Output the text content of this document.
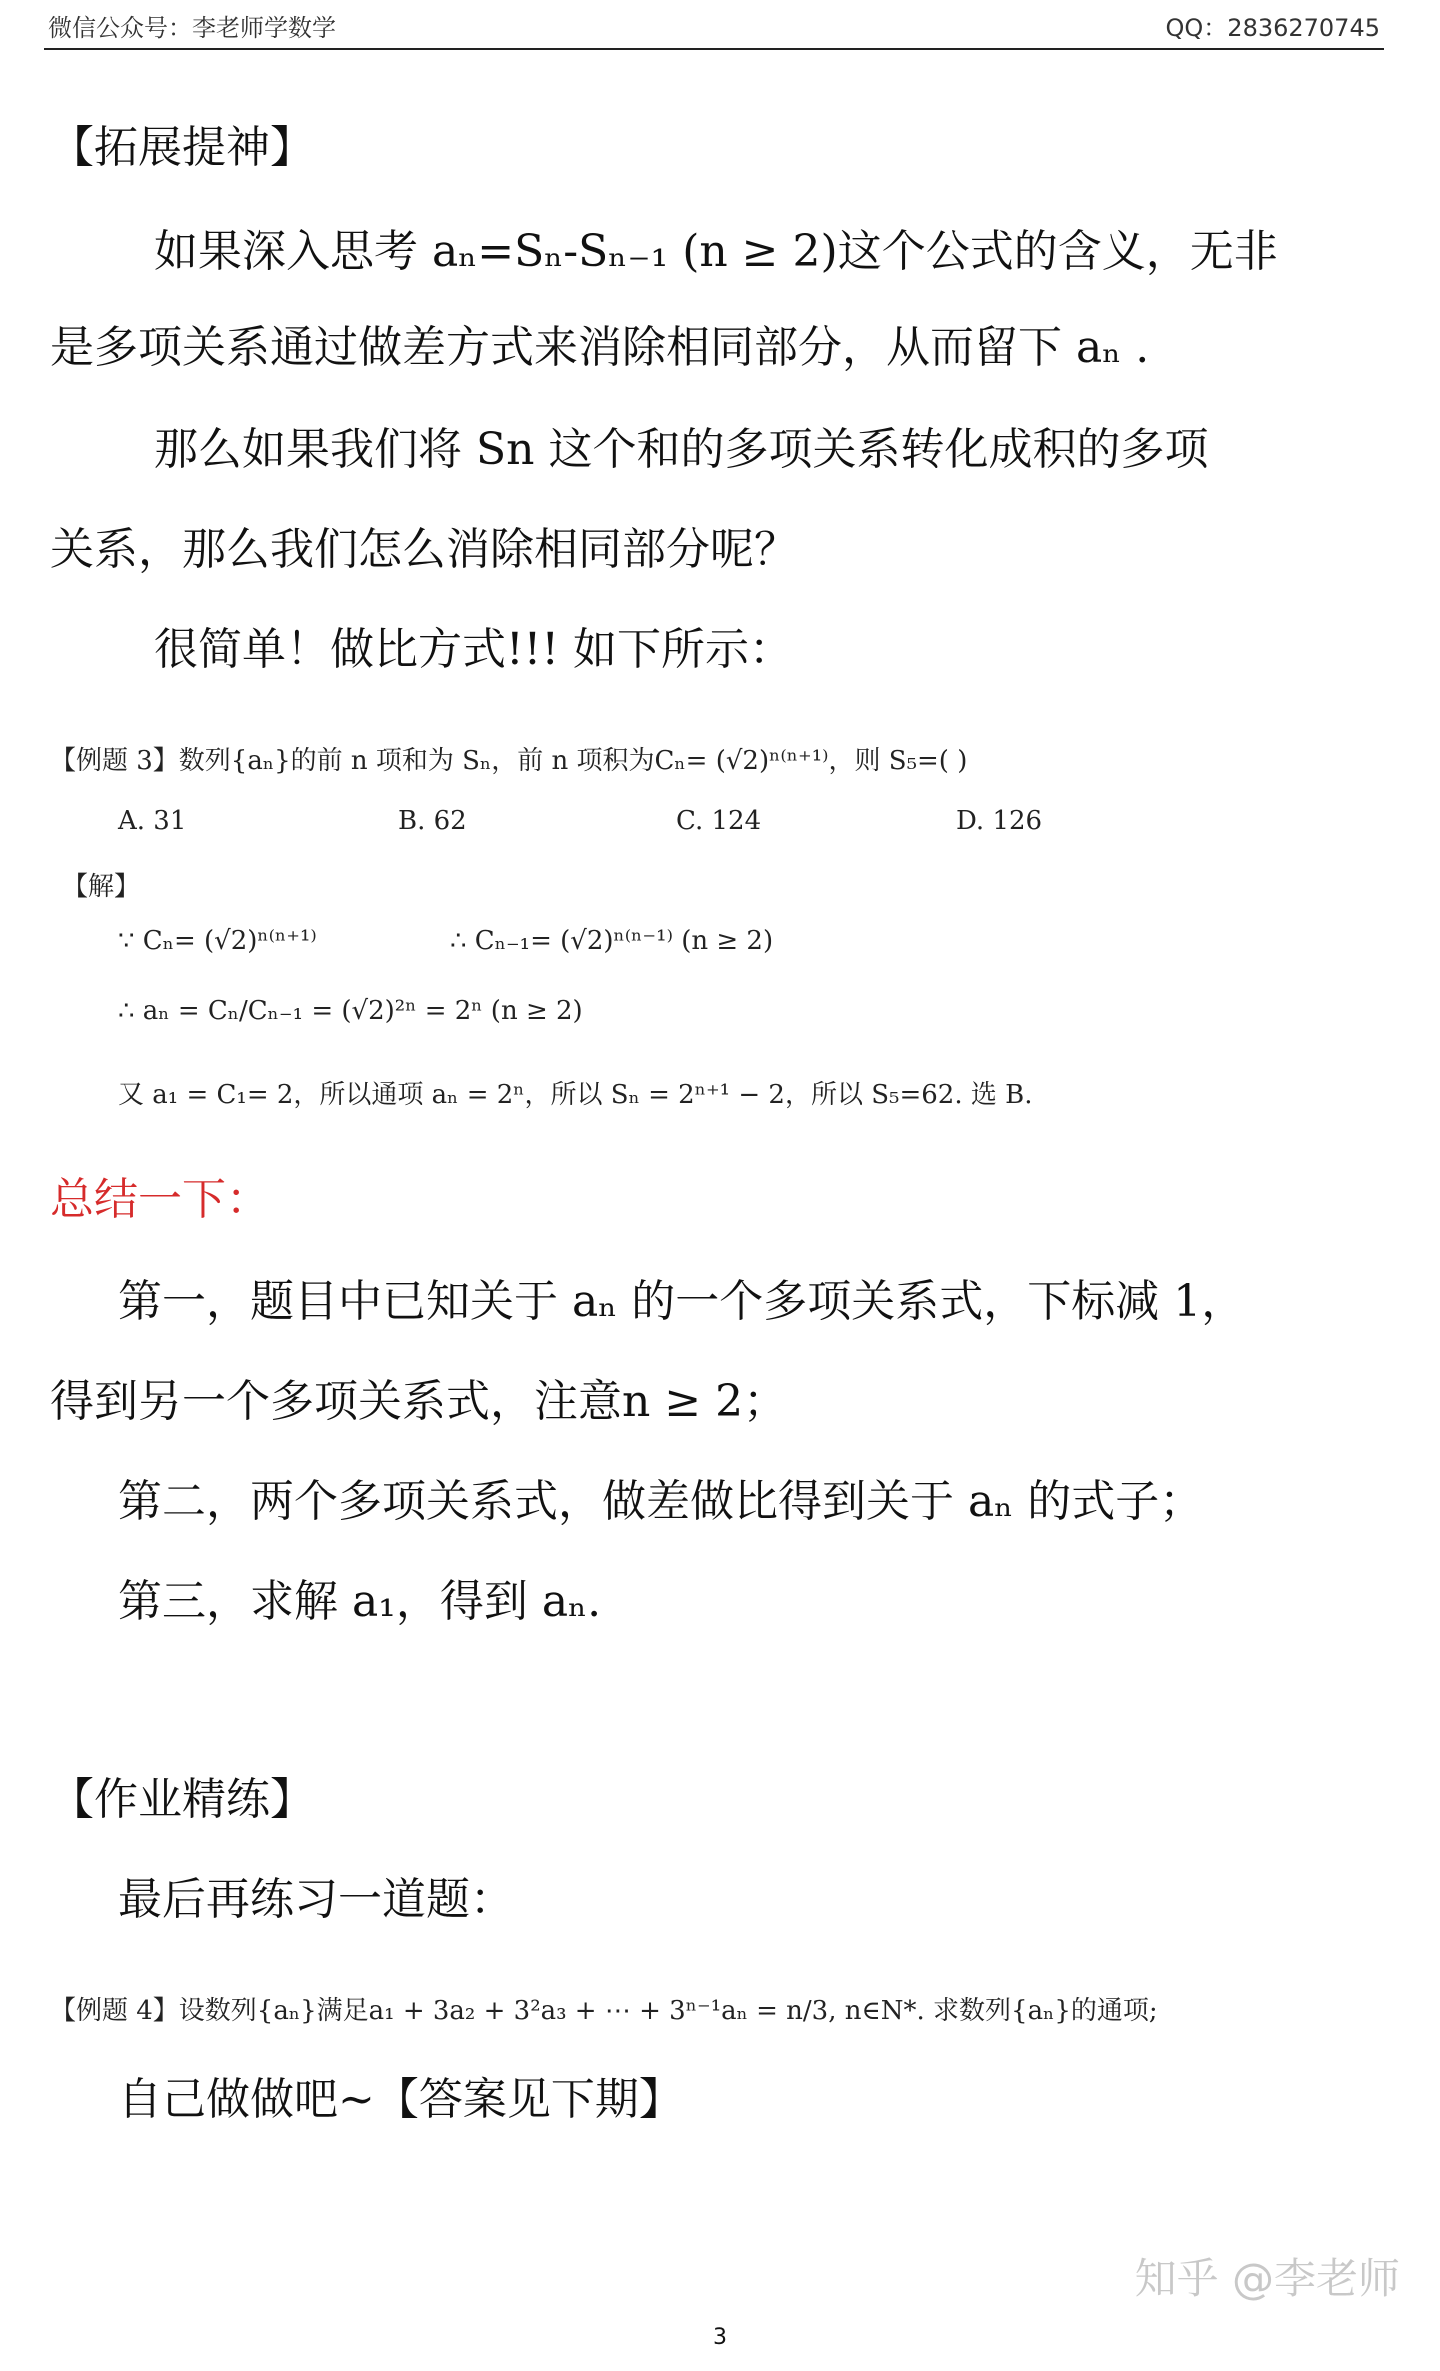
微信公众号：李老师学数学	QQ：2836270745
【拓展提神】
如果深入思考 aₙ=Sₙ-Sₙ₋₁ (n ≥ 2)这个公式的含义，无非
是多项关系通过做差方式来消除相同部分，从而留下 aₙ .
那么如果我们将 Sn 这个和的多项关系转化成积的多项
关系，那么我们怎么消除相同部分呢？
很简单！做比方式!!! 如下所示：
【例题 3】数列{aₙ}的前 n 项和为 Sₙ，前 n 项积为Cₙ= (√2)ⁿ⁽ⁿ⁺¹⁾，则 S₅=( )
A. 31	B. 62	C. 124	D. 126
【解】
∵ Cₙ= (√2)ⁿ⁽ⁿ⁺¹⁾	∴ Cₙ₋₁= (√2)ⁿ⁽ⁿ⁻¹⁾ (n ≥ 2)
∴ aₙ = Cₙ/Cₙ₋₁ = (√2)²ⁿ = 2ⁿ (n ≥ 2)
又 a₁ = C₁= 2，所以通项 aₙ = 2ⁿ，所以 Sₙ = 2ⁿ⁺¹ − 2，所以 S₅=62. 选 B.
总结一下：
第一，题目中已知关于 aₙ 的一个多项关系式，下标减 1，
得到另一个多项关系式，注意n ≥ 2；
第二，两个多项关系式，做差做比得到关于 aₙ 的式子；
第三，求解 a₁，得到 aₙ.
【作业精练】
最后再练习一道题：
【例题 4】设数列{aₙ}满足a₁ + 3a₂ + 3²a₃ + ⋯ + 3ⁿ⁻¹aₙ = n/3, n∈N*. 求数列{aₙ}的通项;
自己做做吧~【答案见下期】
知乎 @李老师
3
